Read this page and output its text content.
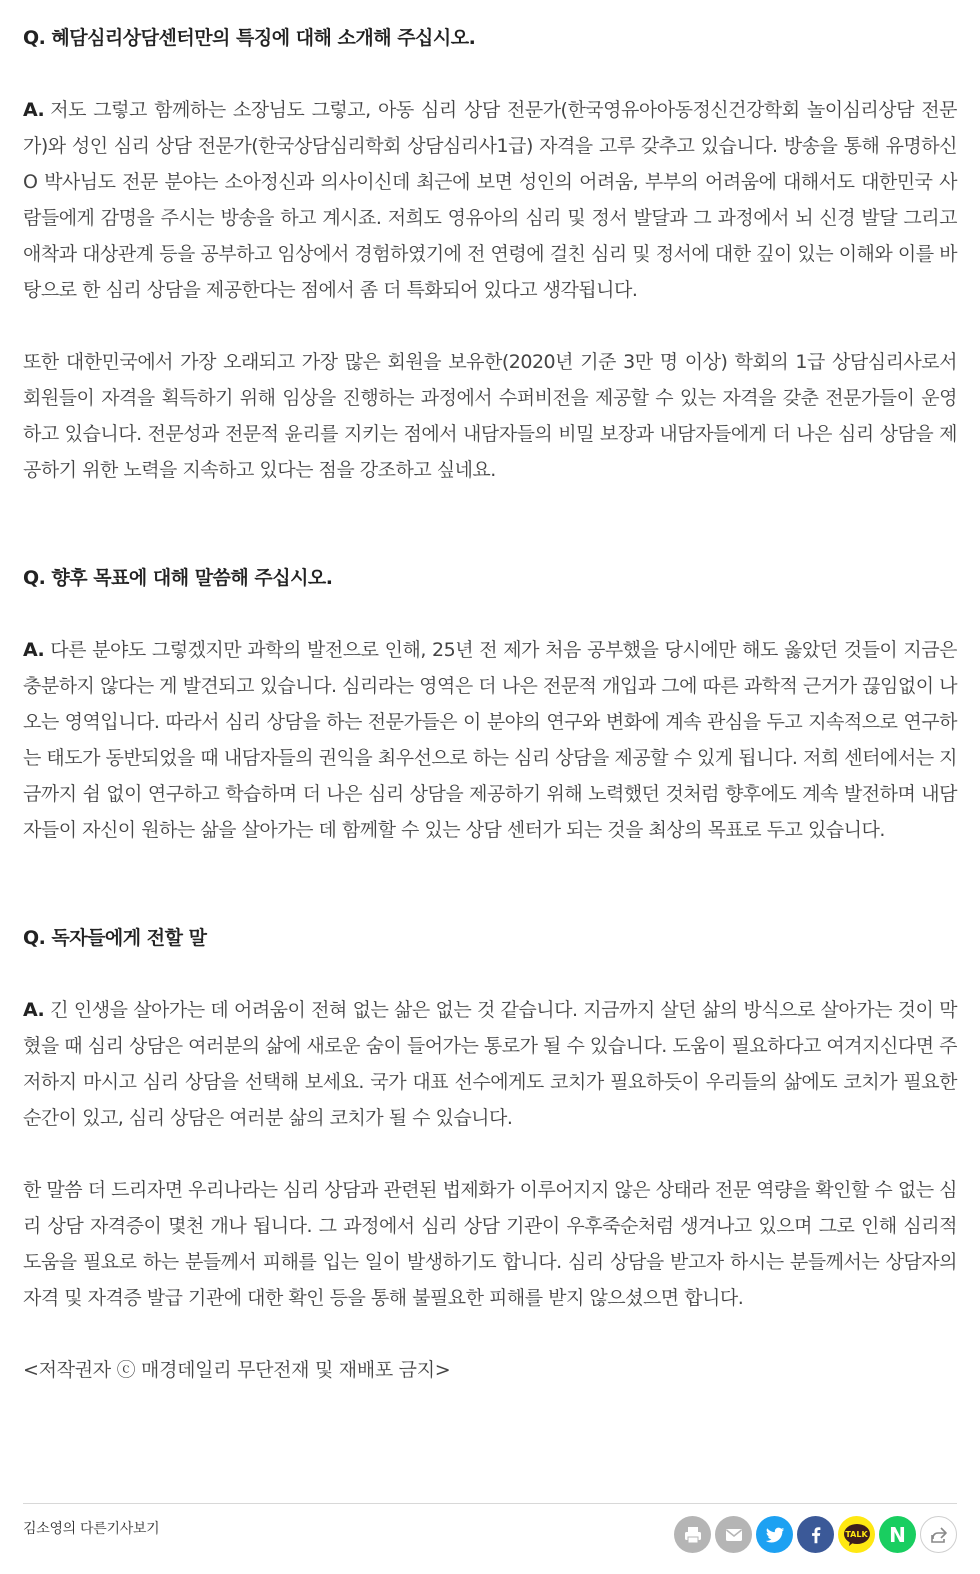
Q. 혜담심리상담센터만의 특징에 대해 소개해 주십시오.

A. 저도 그렇고 함께하는 소장님도 그렇고, 아동 심리 상담 전문가(한국영유아아동정신건강학회 놀이심리상담 전문가)와 성인 심리 상담 전문가(한국상담심리학회 상담심리사1급) 자격을 고루 갖추고 있습니다. 방송을 통해 유명하신 O 박사님도 전문 분야는 소아정신과 의사이신데 최근에 보면 성인의 어려움, 부부의 어려움에 대해서도 대한민국 사람들에게 감명을 주시는 방송을 하고 계시죠. 저희도 영유아의 심리 및 정서 발달과 그 과정에서 뇌 신경 발달 그리고 애착과 대상관계 등을 공부하고 임상에서 경험하였기에 전 연령에 걸친 심리 및 정서에 대한 깊이 있는 이해와 이를 바탕으로 한 심리 상담을 제공한다는 점에서 좀 더 특화되어 있다고 생각됩니다.

또한 대한민국에서 가장 오래되고 가장 많은 회원을 보유한(2020년 기준 3만 명 이상) 학회의 1급 상담심리사로서 회원들이 자격을 획득하기 위해 임상을 진행하는 과정에서 수퍼비전을 제공할 수 있는 자격을 갖춘 전문가들이 운영하고 있습니다. 전문성과 전문적 윤리를 지키는 점에서 내담자들의 비밀 보장과 내담자들에게 더 나은 심리 상담을 제공하기 위한 노력을 지속하고 있다는 점을 강조하고 싶네요.

Q. 향후 목표에 대해 말씀해 주십시오.

A. 다른 분야도 그렇겠지만 과학의 발전으로 인해, 25년 전 제가 처음 공부했을 당시에만 해도 옳았던 것들이 지금은 충분하지 않다는 게 발견되고 있습니다. 심리라는 영역은 더 나은 전문적 개입과 그에 따른 과학적 근거가 끊임없이 나오는 영역입니다. 따라서 심리 상담을 하는 전문가들은 이 분야의 연구와 변화에 계속 관심을 두고 지속적으로 연구하는 태도가 동반되었을 때 내담자들의 권익을 최우선으로 하는 심리 상담을 제공할 수 있게 됩니다. 저희 센터에서는 지금까지 쉼 없이 연구하고 학습하며 더 나은 심리 상담을 제공하기 위해 노력했던 것처럼 향후에도 계속 발전하며 내담자들이 자신이 원하는 삶을 살아가는 데 함께할 수 있는 상담 센터가 되는 것을 최상의 목표로 두고 있습니다.

Q. 독자들에게 전할 말

A. 긴 인생을 살아가는 데 어려움이 전혀 없는 삶은 없는 것 같습니다. 지금까지 살던 삶의 방식으로 살아가는 것이 막혔을 때 심리 상담은 여러분의 삶에 새로운 숨이 들어가는 통로가 될 수 있습니다. 도움이 필요하다고 여겨지신다면 주저하지 마시고 심리 상담을 선택해 보세요. 국가 대표 선수에게도 코치가 필요하듯이 우리들의 삶에도 코치가 필요한 순간이 있고, 심리 상담은 여러분 삶의 코치가 될 수 있습니다.

한 말씀 더 드리자면 우리나라는 심리 상담과 관련된 법제화가 이루어지지 않은 상태라 전문 역량을 확인할 수 없는 심리 상담 자격증이 몇천 개나 됩니다. 그 과정에서 심리 상담 기관이 우후죽순처럼 생겨나고 있으며 그로 인해 심리적 도움을 필요로 하는 분들께서 피해를 입는 일이 발생하기도 합니다. 심리 상담을 받고자 하시는 분들께서는 상담자의 자격 및 자격증 발급 기관에 대한 확인 등을 통해 불필요한 피해를 받지 않으셨으면 합니다.

<저작권자 ⓒ 매경데일리 무단전재 및 재배포 금지>

김소영의 다른기사보기	TALK N
